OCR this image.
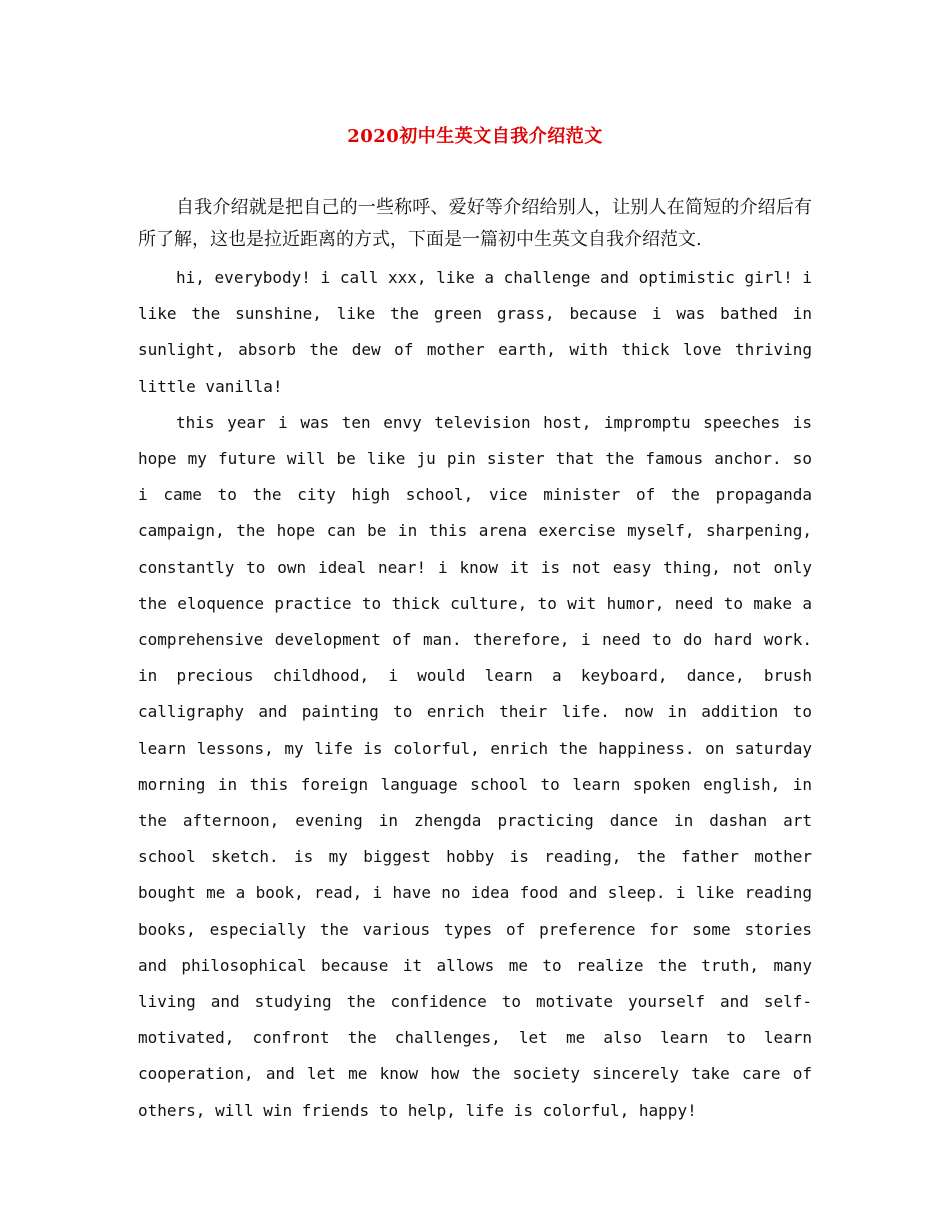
2020初中生英文自我介绍范文

自我介绍就是把自己的一些称呼、爱好等介绍给别人，让别人在简短的介绍后有所了解，这也是拉近距离的方式，下面是一篇初中生英文自我介绍范文.

hi, everybody! i call xxx, like a challenge and optimistic girl! i like the sunshine, like the green grass, because i was bathed in sunlight, absorb the dew of mother earth, with thick love thriving little vanilla!

this year i was ten envy television host, impromptu speeches is hope my future will be like ju pin sister that the famous anchor. so i came to the city high school, vice minister of the propaganda campaign, the hope can be in this arena exercise myself, sharpening, constantly to own ideal near! i know it is not easy thing, not only the eloquence practice to thick culture, to wit humor, need to make a comprehensive development of man. therefore, i need to do hard work. in precious childhood, i would learn a keyboard, dance, brush calligraphy and painting to enrich their life. now in addition to learn lessons, my life is colorful, enrich the happiness. on saturday morning in this foreign language school to learn spoken english, in the afternoon, evening in zhengda practicing dance in dashan art school sketch. is my biggest hobby is reading, the father mother bought me a book, read, i have no idea food and sleep. i like reading books, especially the various types of preference for some stories and philosophical because it allows me to realize the truth, many living and studying the confidence to motivate yourself and self-motivated, confront the challenges, let me also learn to learn cooperation, and let me know how the society sincerely take care of others, will win friends to help, life is colorful, happy!
